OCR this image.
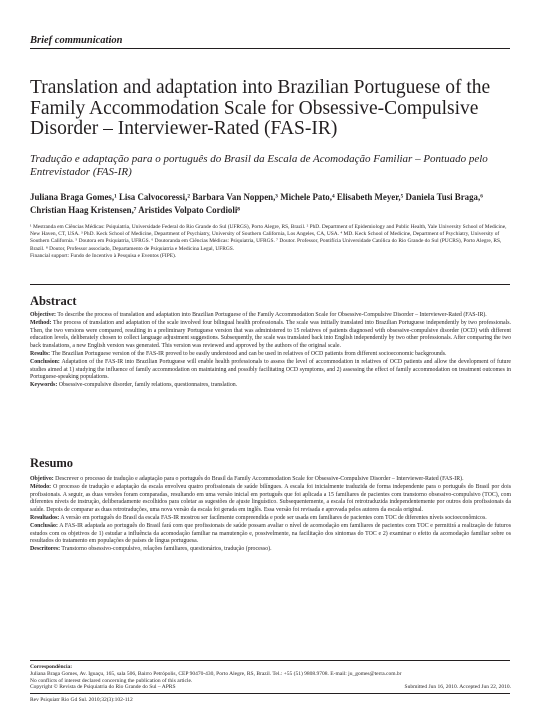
Brief communication
Translation and adaptation into Brazilian Portuguese of the Family Accommodation Scale for Obsessive-Compulsive Disorder – Interviewer-Rated (FAS-IR)
Tradução e adaptação para o português do Brasil da Escala de Acomodação Familiar – Pontuado pelo Entrevistador (FAS-IR)
Juliana Braga Gomes,¹ Lisa Calvocoressi,² Barbara Van Noppen,³ Michele Pato,⁴ Elisabeth Meyer,⁵ Daniela Tusi Braga,⁶ Christian Haag Kristensen,⁷ Aristides Volpato Cordioli⁸

¹ Mestranda em Ciências Médicas: Psiquiatria, Universidade Federal do Rio Grande do Sul (UFRGS), Porto Alegre, RS, Brazil. ² PhD. Department of Epidemiology and Public Health, Yale University School of Medicine, New Haven, CT, USA. ³ PhD. Keck School of Medicine, Department of Psychiatry, University of Southern California, Los Angeles, CA, USA. ⁴ MD. Keck School of Medicine, Department of Psychiatry, University of Southern California. ⁵ Doutora em Psiquiatria, UFRGS. ⁶ Doutoranda em Ciências Médicas: Psiquiatria, UFRGS. ⁷ Doutor. Professor, Pontifícia Universidade Católica do Rio Grande do Sul (PUCRS), Porto Alegre, RS, Brazil. ⁸ Doutor, Professor associado, Departamento de Psiquiatria e Medicina Legal, UFRGS.

Financial support: Fundo de Incentivo à Pesquisa e Eventos (FIPE).

Abstract

Objective: To describe the process of translation and adaptation into Brazilian Portuguese of the Family Accommodation Scale for Obsessive-Compulsive Disorder – Interviewer-Rated (FAS-IR).

Method: The process of translation and adaptation of the scale involved four bilingual health professionals. The scale was initially translated into Brazilian Portuguese independently by two professionals. Then, the two versions were compared, resulting in a preliminary Portuguese version that was administered to 15 relatives of patients diagnosed with obsessive-compulsive disorder (OCD) with different education levels, deliberately chosen to collect language adjustment suggestions. Subsequently, the scale was translated back into English independently by two other professionals. After comparing the two back translations, a new English version was generated. This version was reviewed and approved by the authors of the original scale.

Results: The Brazilian Portuguese version of the FAS-IR proved to be easily understood and can be used in relatives of OCD patients from different socioeconomic backgrounds.

Conclusion: Adaptation of the FAS-IR into Brazilian Portuguese will enable health professionals to assess the level of accommodation in relatives of OCD patients and allow the development of future studies aimed at 1) studying the influence of family accommodation on maintaining and possibly facilitating OCD symptoms, and 2) assessing the effect of family accommodation on treatment outcomes in Portuguese-speaking populations.

Keywords: Obsessive-compulsive disorder, family relations, questionnaires, translation.

Resumo

Objetivo: Descrever o processo de tradução e adaptação para o português do Brasil da Family Accommodation Scale for Obsessive-Compulsive Disorder – Interviewer-Rated (FAS-IR).

Método: O processo de tradução e adaptação da escala envolveu quatro profissionais de saúde bilíngues. A escala foi inicialmente traduzida de forma independente para o português do Brasil por dois profissionais. A seguir, as duas versões foram comparadas, resultando em uma versão inicial em português que foi aplicada a 15 familiares de pacientes com transtorno obsessivo-compulsivo (TOC), com diferentes níveis de instrução, deliberadamente escolhidos para coletar as sugestões de ajuste linguístico. Subsequentemente, a escala foi retrotraduzida independentemente por outros dois profissionais da saúde. Depois de comparar as duas retrotraduções, uma nova versão da escala foi gerada em inglês. Essa versão foi revisada e aprovada pelos autores da escala original.

Resultados: A versão em português do Brasil da escala FAS-IR mostrou ser facilmente compreendida e pode ser usada em familiares de pacientes com TOC de diferentes níveis socioeconômicos.

Conclusão: A FAS-IR adaptada ao português do Brasil fará com que profissionais de saúde possam avaliar o nível de acomodação em familiares de pacientes com TOC e permitirá a realização de futuros estudos com os objetivos de 1) estudar a influência da acomodação familiar na manutenção e, possivelmente, na facilitação dos sintomas do TOC e 2) examinar o efeito da acomodação familiar sobre os resultados do tratamento em populações de países de língua portuguesa.

Descritores: Transtorno obsessivo-compulsivo, relações familiares, questionários, tradução (processo).

Correspondência:

Juliana Braga Gomes, Av. Iguaçu, 165, sala 506, Bairro Petrópolis, CEP 90470-430, Porto Alegre, RS, Brazil. Tel.: +55 (51) 9808.9708. E-mail: ju_gomes@terra.com.br

No conflicts of interest declared concerning the publication of this article.

Copyright © Revista de Psiquiatria do Rio Grande do Sul – APRS	Submitted Jun 16, 2010. Accepted Jun 22, 2010.
Rev Psiquiatr Rio Gd Sul. 2010;32(3):102-112
